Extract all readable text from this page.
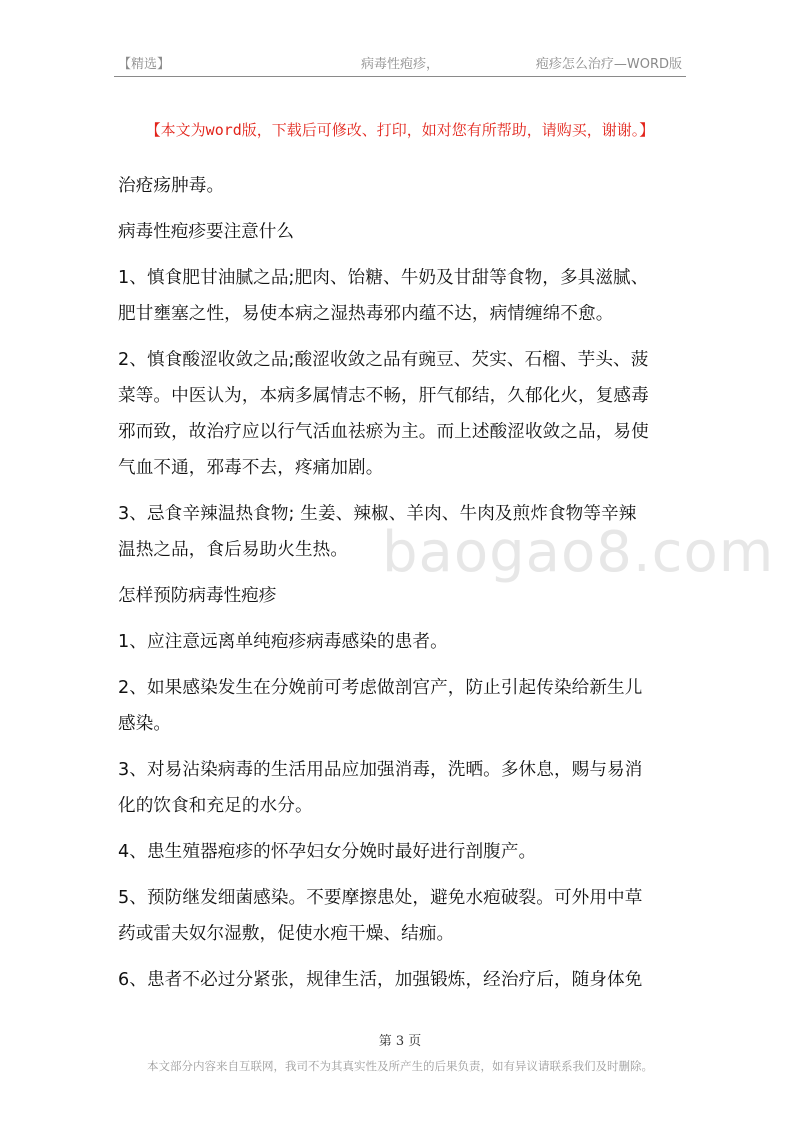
【精选】	病毒性疱疹，	疱疹怎么治疗—WORD版
【本文为word版，下载后可修改、打印，如对您有所帮助，请购买，谢谢。】
治疮疡肿毒。
病毒性疱疹要注意什么
1、慎食肥甘油腻之品;肥肉、饴糖、牛奶及甘甜等食物，多具滋腻、
肥甘壅塞之性，易使本病之湿热毒邪内蕴不达，病情缠绵不愈。
2、慎食酸涩收敛之品;酸涩收敛之品有豌豆、芡实、石榴、芋头、菠
菜等。中医认为，本病多属情志不畅，肝气郁结，久郁化火，复感毒
邪而致，故治疗应以行气活血祛瘀为主。而上述酸涩收敛之品，易使
气血不通，邪毒不去，疼痛加剧。
3、忌食辛辣温热食物; 生姜、辣椒、羊肉、牛肉及煎炸食物等辛辣
温热之品，食后易助火生热。
怎样预防病毒性疱疹
1、应注意远离单纯疱疹病毒感染的患者。
2、如果感染发生在分娩前可考虑做剖宫产，防止引起传染给新生儿
感染。
3、对易沾染病毒的生活用品应加强消毒，洗晒。多休息，赐与易消
化的饮食和充足的水分。
4、患生殖器疱疹的怀孕妇女分娩时最好进行剖腹产。
5、预防继发细菌感染。不要摩擦患处，避免水疱破裂。可外用中草
药或雷夫奴尔湿敷，促使水疱干燥、结痂。
6、患者不必过分紧张，规律生活，加强锻炼，经治疗后，随身体免
baogao8.com
第 3 页
本文部分内容来自互联网，我司不为其真实性及所产生的后果负责，如有异议请联系我们及时删除。
